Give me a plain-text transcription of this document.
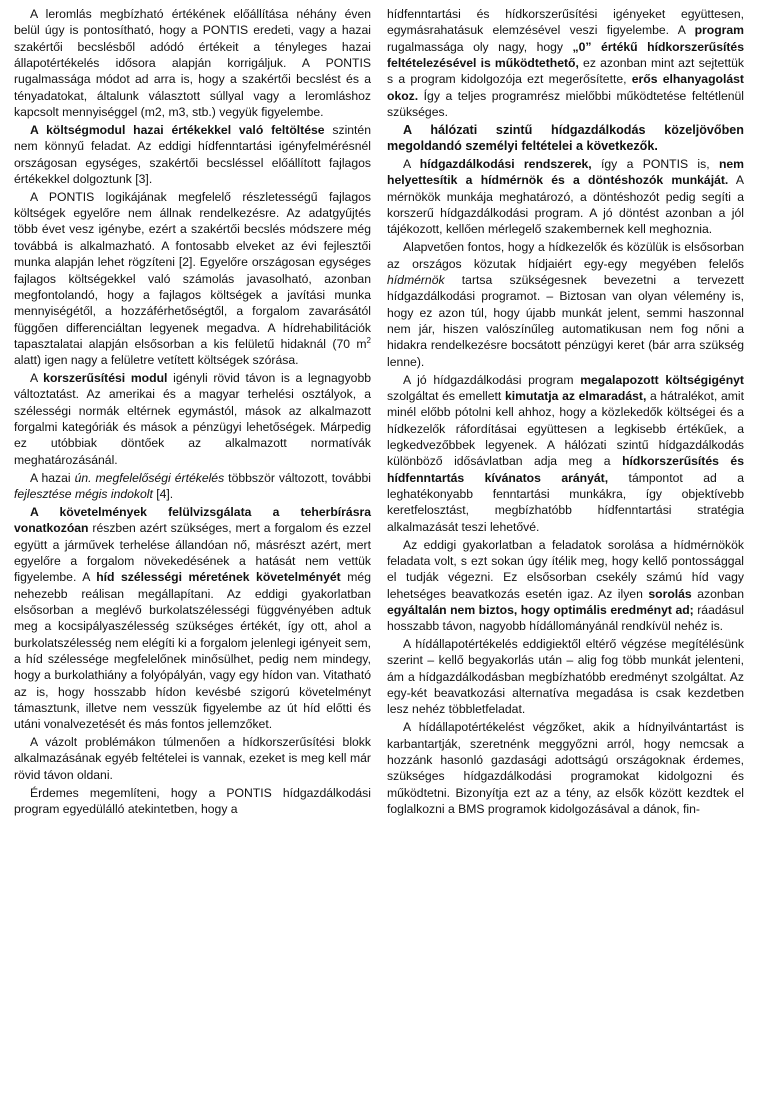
A leromlás megbízható értékének előállítása néhány éven belül úgy is pontosítható, hogy a PONTIS eredeti, vagy a hazai szakértői becslésből adódó értékeit a tényleges hazai állapotértékelés idősora alapján korrigáljuk. A PONTIS rugalmassága módot ad arra is, hogy a szakértői becslést és a tényadatokat, általunk választott súllyal vagy a leromláshoz kapcsolt mennyiséggel (m2, m3, stb.) vegyük figyelembe.

A költségmodul hazai értékekkel való feltöltése szintén nem könnyű feladat. Az eddigi hídfenntartási igényfelmérésnél országosan egységes, szakértői becsléssel előállított fajlagos értékekkel dolgoztunk [3].

A PONTIS logikájának megfelelő részletességű fajlagos költségek egyelőre nem állnak rendelkezésre. Az adatgyűjtés több évet vesz igénybe, ezért a szakértői becslés módszere még továbbá is alkalmazható. A fontosabb elveket az évi fejlesztői munka alapján lehet rögzíteni [2]. Egyelőre országosan egységes fajlagos költségekkel való számolás javasolható, azonban megfontolandó, hogy a fajlagos költségek a javítási munka mennyiségétől, a hozzáférhetőségtől, a forgalom zavarásától függően differenciáltan legyenek megadva. A hídrehabilitációk tapasztalatai alapján elsősorban a kis felületű hidaknál (70 $m^2$ alatt) igen nagy a felületre vetített költségek szórása.

A korszerűsítési modul igényli rövid távon is a legnagyobb változtatást. Az amerikai és a magyar terhelési osztályok, a szélességi normák eltérnek egymástól, mások az alkalmazott forgalmi kategóriák és mások a pénzügyi lehetőségek. Márpedig ez utóbbiak döntőek az alkalmazott normatívák meghatározásánál.

A hazai ún. megfelelőségi értékelés többször változott, további fejlesztése mégis indokolt [4].

A követelmények felülvizsgálata a teherbírásra vonatkozóan részben azért szükséges, mert a forgalom és ezzel együtt a járművek terhelése állandóan nő, másrészt azért, mert egyelőre a forgalom növekedésének a hatását nem vettük figyelembe. A híd szélességi méretének követelményét még nehezebb reálisan megállapítani. Az eddigi gyakorlatban elsősorban a meglévő burkolatszélességi függvényében adtuk meg a kocsipályaszélesség szükséges értékét, így ott, ahol a burkolatszélesség nem elégíti ki a forgalom jelenlegi igényeit sem, a híd szélessége megfelelőnek minősülhet, pedig nem mindegy, hogy a burkolathiány a folyópályán, vagy egy hídon van. Vitatható az is, hogy hosszabb hídon kevésbé szigorú követelményt támasztunk, illetve nem vesszük figyelembe az út híd előtti és utáni vonalvezetését és más fontos jellemzőket.

A vázolt problémákon túlmenően a hídkorszerűsítési blokk alkalmazásának egyéb feltételei is vannak, ezeket is meg kell már rövid távon oldani.

Érdemes megemlíteni, hogy a PONTIS hídgazdálkodási program egyedülálló atekintetben, hogy a

hídfenntartási és hídkorszerűsítési igényeket együttesen, egymásrahatásuk elemzésével veszi figyelembe. A program rugalmassága oly nagy, hogy „0” értékű hídkorszerűsítés feltételezésével is működtethető, ez azonban mint azt sejtettük s a program kidolgozója ezt megerősítette, erős elhanyagolást okoz. Így a teljes programrész mielőbbi működtetése feltétlenül szükséges.

A hálózati szintű hídgazdálkodás közeljövőben megoldandó személyi feltételei a következők.

A hídgazdálkodási rendszerek, így a PONTIS is, nem helyettesítik a hídmérnök és a döntéshozók munkáját. A mérnökök munkája meghatározó, a döntéshozót pedig segíti a korszerű hídgazdálkodási program. A jó döntést azonban a jól tájékozott, kellően mérlegelő szakembernek kell meghoznia.

Alapvetően fontos, hogy a hídkezelők és közülük is elsősorban az országos közutak hídjaiért egy-egy megyében felelős hídmérnök tartsa szükségesnek bevezetni a tervezett hídgazdálkodási programot. – Biztosan van olyan vélemény is, hogy ez azon túl, hogy újabb munkát jelent, semmi haszonnal nem jár, hiszen valószínűleg automatikusan nem fog nőni a hidakra rendelkezésre bocsátott pénzügyi keret (bár arra szükség lenne).

A jó hídgazdálkodási program megalapozott költségigényt szolgáltat és emellett kimutatja az elmaradást, a hátralékot, amit minél előbb pótolni kell ahhoz, hogy a közlekedők költségei és a hídkezelők ráfordításai együttesen a legkisebb értékűek, a legkedvezőbbek legyenek. A hálózati szintű hídgazdálkodás különböző idősávlatban adja meg a hídkorszerűsítés és hídfenntartás kívánatos arányát, támpontot ad a leghatékonyabb fenntartási munkákra, így objektívebb keretfelosztást, megbízhatóbb hídfenntartási stratégia alkalmazását teszi lehetővé.

Az eddigi gyakorlatban a feladatok sorolása a hídmérnökök feladata volt, s ezt sokan úgy ítélik meg, hogy kellő pontossággal el tudják végezni. Ez elsősorban csekély számú híd vagy lehetséges beavatkozás esetén igaz. Az ilyen sorolás azonban egyáltalán nem biztos, hogy optimális eredményt ad; ráadásul hosszabb távon, nagyobb hídállományánál rendkívül nehéz is.

A hídállapotértékelés eddigiektől eltérő végzése megítélésünk szerint – kellő begyakorlás után – alig fog több munkát jelenteni, ám a hídgazdálkodásban megbízhatóbb eredményt szolgáltat. Az egy-két beavatkozási alternatíva megadása is csak kezdetben lesz nehéz többletfeladat.

A hídállapotértékelést végzőket, akik a hídnyilvántartást is karbantartják, szeretnénk meggyőzni arról, hogy nemcsak a hozzánk hasonló gazdasági adottságú országoknak érdemes, szükséges hídgazdálkodási programokat kidolgozni és működtetni. Bizonyítja ezt az a tény, az elsők között kezdtek el foglalkozni a BMS programok kidolgozásával a dánok, fin-
